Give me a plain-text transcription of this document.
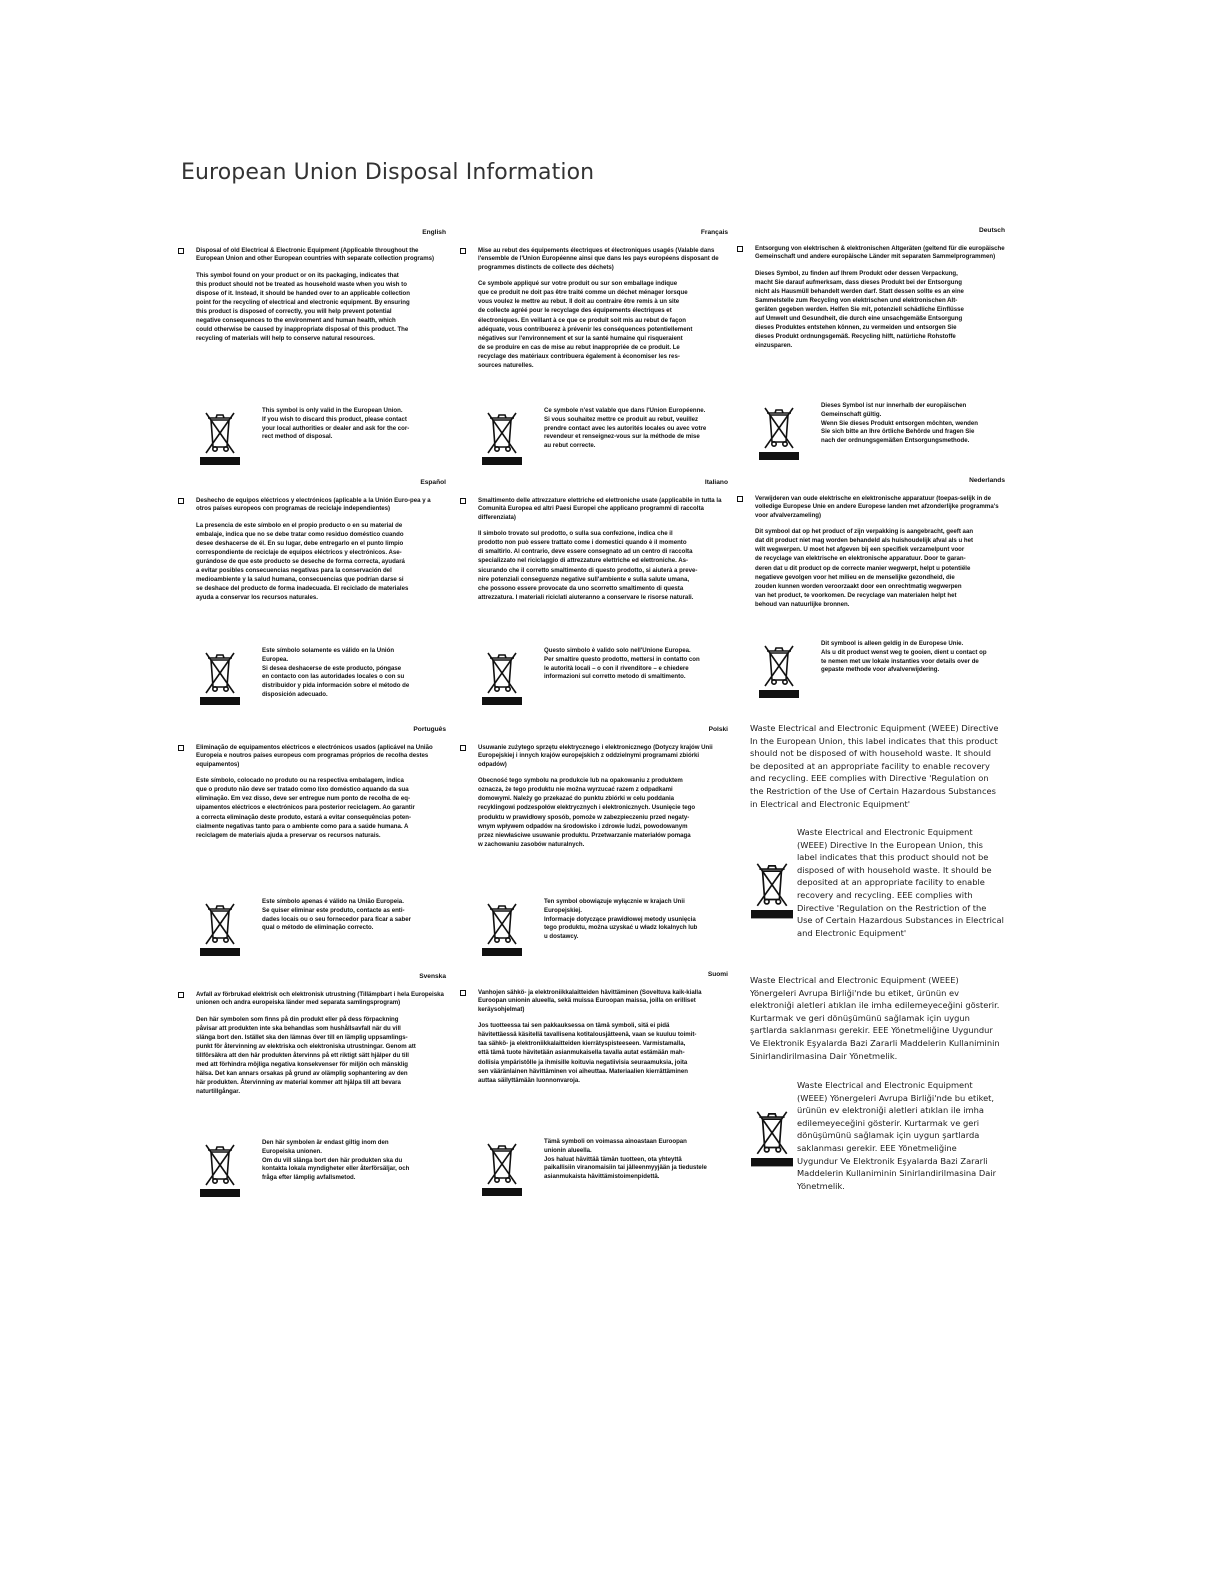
European Union Disposal Information
English
Disposal of old Electrical & Electronic Equipment (Applicable throughout the European Union and other European countries with separate collection programs)
This symbol found on your product or on its packaging, indicates that
this product should not be treated as household waste when you wish to
dispose of it. Instead, it should be handed over to an applicable collection
point for the recycling of electrical and electronic equipment. By ensuring
this product is disposed of correctly, you will help prevent potential
negative consequences to the environment and human health, which
could otherwise be caused by inappropriate disposal of this product. The
recycling of materials will help to conserve natural resources.
This symbol is only valid in the European Union.
If you wish to discard this product, please contact
your local authorities or dealer and ask for the cor-
rect method of disposal.
Français
Mise au rebut des équipements électriques et électroniques usagés (Valable dans l'ensemble de l'Union Européenne ainsi que dans les pays européens disposant de programmes distincts de collecte des déchets)
Ce symbole appliqué sur votre produit ou sur son emballage indique
que ce produit ne doit pas être traité comme un déchet ménager lorsque
vous voulez le mettre au rebut. Il doit au contraire être remis à un site
de collecte agréé pour le recyclage des équipements électriques et
électroniques. En veillant à ce que ce produit soit mis au rebut de façon
adéquate, vous contribuerez à prévenir les conséquences potentiellement
négatives sur l'environnement et sur la santé humaine qui risqueraient
de se produire en cas de mise au rebut inappropriée de ce produit. Le
recyclage des matériaux contribuera également à économiser les res-
sources naturelles.
Ce symbole n'est valable que dans l'Union Européenne.
Si vous souhaitez mettre ce produit au rebut, veuillez
prendre contact avec les autorités locales ou avec votre
revendeur et renseignez-vous sur la méthode de mise
au rebut correcte.
Deutsch
Entsorgung von elektrischen & elektronischen Altgeräten (geltend für die europäische Gemeinschaft und andere europäische Länder mit separaten Sammelprogrammen)
Dieses Symbol, zu finden auf Ihrem Produkt oder dessen Verpackung,
macht Sie darauf aufmerksam, dass dieses Produkt bei der Entsorgung
nicht als Hausmüll behandelt werden darf. Statt dessen sollte es an eine
Sammelstelle zum Recycling von elektrischen und elektronischen Alt-
geräten gegeben werden. Helfen Sie mit, potenziell schädliche Einflüsse
auf Umwelt und Gesundheit, die durch eine unsachgemäße Entsorgung
dieses Produktes entstehen können, zu vermeiden und entsorgen Sie
dieses Produkt ordnungsgemäß. Recycling hilft, natürliche Rohstoffe
einzusparen.
Dieses Symbol ist nur innerhalb der europäischen
Gemeinschaft gültig.
Wenn Sie dieses Produkt entsorgen möchten, wenden
Sie sich bitte an Ihre örtliche Behörde und fragen Sie
nach der ordnungsgemäßen Entsorgungsmethode.
Español
Deshecho de equipos eléctricos y electrónicos (aplicable a la Unión Euro-pea y a otros países europeos con programas de reciclaje independientes)
La presencia de este símbolo en el propio producto o en su material de
embalaje, indica que no se debe tratar como residuo doméstico cuando
desee deshacerse de él. En su lugar, debe entregarlo en el punto limpio
correspondiente de reciclaje de equipos eléctricos y electrónicos. Ase-
gurándose de que este producto se deseche de forma correcta, ayudará
a evitar posibles consecuencias negativas para la conservación del
medioambiente y la salud humana, consecuencias que podrían darse si
se deshace del producto de forma inadecuada. El reciclado de materiales
ayuda a conservar los recursos naturales.
Este símbolo solamente es válido en la Unión
Europea.
Si desea deshacerse de este producto, póngase
en contacto con las autoridades locales o con su
distribuidor y pida información sobre el método de
disposición adecuado.
Italiano
Smaltimento delle attrezzature elettriche ed elettroniche usate (applicabile in tutta la Comunità Europea ed altri Paesi Europei che applicano programmi di raccolta differenziata)
Il simbolo trovato sul prodotto, o sulla sua confezione, indica che il
prodotto non può essere trattato come i domestici quando è il momento
di smaltirlo. Al contrario, deve essere consegnato ad un centro di raccolta
specializzato nel riciclaggio di attrezzature elettriche ed elettroniche. As-
sicurando che il corretto smaltimento di questo prodotto, si aiuterà a preve-
nire potenziali conseguenze negative sull'ambiente e sulla salute umana,
che possono essere provocate da uno scorretto smaltimento di questa
attrezzatura. I materiali riciclati aiuteranno a conservare le risorse naturali.
Questo simbolo è valido solo nell'Unione Europea.
Per smaltire questo prodotto, mettersi in contatto con
le autorità locali – o con il rivenditore – e chiedere
informazioni sul corretto metodo di smaltimento.
Nederlands
Verwijderen van oude elektrische en elektronische apparatuur (toepas-selijk in de volledige Europese Unie en andere Europese landen met afzonderlijke programma's voor afvalverzameling)
Dit symbool dat op het product of zijn verpakking is aangebracht, geeft aan
dat dit product niet mag worden behandeld als huishoudelijk afval als u het
wilt wegwerpen. U moet het afgeven bij een specifiek verzamelpunt voor
de recyclage van elektrische en elektronische apparatuur. Door te garan-
deren dat u dit product op de correcte manier wegwerpt, helpt u potentiële
negatieve gevolgen voor het milieu en de menselijke gezondheid, die
zouden kunnen worden veroorzaakt door een onrechtmatig wegwerpen
van het product, te voorkomen. De recyclage van materialen helpt het
behoud van natuurlijke bronnen.
Dit symbool is alleen geldig in de Europese Unie.
Als u dit product wenst weg te gooien, dient u contact op
te nemen met uw lokale instanties voor details over de
gepaste methode voor afvalverwijdering.
Português
Eliminação de equipamentos eléctricos e electrónicos usados (aplicável na União Europeia e noutros países europeus com programas próprios de recolha destes equipamentos)
Este símbolo, colocado no produto ou na respectiva embalagem, indica
que o produto não deve ser tratado como lixo doméstico aquando da sua
eliminação. Em vez disso, deve ser entregue num ponto de recolha de eq-
uipamentos eléctricos e electrónicos para posterior reciclagem. Ao garantir
a correcta eliminação deste produto, estará a evitar consequências poten-
cialmente negativas tanto para o ambiente como para a saúde humana. A
reciclagem de materiais ajuda a preservar os recursos naturais.
Este símbolo apenas é válido na União Europeia.
Se quiser eliminar este produto, contacte as enti-
dades locais ou o seu fornecedor para ficar a saber
qual o método de eliminação correcto.
Polski
Usuwanie zużytego sprzętu elektrycznego i elektronicznego (Dotyczy krajów Unii Europejskiej i innych krajów europejskich z oddzielnymi programami zbiórki odpadów)
Obecność tego symbolu na produkcie lub na opakowaniu z produktem
oznacza, że tego produktu nie można wyrzucać razem z odpadkami
domowymi. Należy go przekazać do punktu zbiórki w celu poddania
recyklingowi podzespołów elektrycznych i elektronicznych. Usunięcie tego
produktu w prawidłowy sposób, pomoże w zabezpieczeniu przed negaty-
wnym wpływem odpadów na środowisko i zdrowie ludzi, powodowanym
przez niewłaściwe usuwanie produktu. Przetwarzanie materiałów pomaga
w zachowaniu zasobów naturalnych.
Ten symbol obowiązuje wyłącznie w krajach Unii
Europejskiej.
Informacje dotyczące prawidłowej metody usunięcia
tego produktu, można uzyskać u władz lokalnych lub
u dostawcy.
Svenska
Avfall av förbrukad elektrisk och elektronisk utrustning (Tillämpbart i hela Europeiska unionen och andra europeiska länder med separata samlingsprogram)
Den här symbolen som finns på din produkt eller på dess förpackning
påvisar att produkten inte ska behandlas som hushållsavfall när du vill
slänga bort den. Istället ska den lämnas över till en lämplig uppsamlings-
punkt för återvinning av elektriska och elektroniska utrustningar. Genom att
tillförsäkra att den här produkten återvinns på ett riktigt sätt hjälper du till
med att förhindra möjliga negativa konsekvenser för miljön och mänsklig
hälsa. Det kan annars orsakas på grund av olämplig sophantering av den
här produkten. Återvinning av material kommer att hjälpa till att bevara
naturtillgångar.
Den här symbolen är endast giltig inom den
Europeiska unionen.
Om du vill slänga bort den här produkten ska du
kontakta lokala myndigheter eller återförsäljar, och
fråga efter lämplig avfallsmetod.
Suomi
Vanhojen sähkö- ja elektroniikkalaitteiden hävittäminen (Soveltuva kaik-kialla Euroopan unionin alueella, sekä muissa Euroopan maissa, joilla on erilliset keräysohjelmat)
Jos tuotteessa tai sen pakkauksessa on tämä symboli, sitä ei pidä
hävitettäessä käsitellä tavallisena kotitalousjätteenä, vaan se kuuluu toimit-
taa sähkö- ja elektroniikkalaitteiden kierrätyspisteeseen. Varmistamalla,
että tämä tuote hävitetään asianmukaisella tavalla autat estämään mah-
dollisia ympäristölle ja ihmisille koituvia negatiivisia seuraamuksia, joita
sen vääränlainen hävittäminen voi aiheuttaa. Materiaalien kierrättäminen
auttaa säilyttämään luonnonvaroja.
Tämä symboli on voimassa ainoastaan Euroopan
unionin alueella.
Jos haluat hävittää tämän tuotteen, ota yhteyttä
paikallisiin viranomaisiin tai jälleenmyyjään ja tiedustele
asianmukaista hävittämistoimenpidettä.
Waste Electrical and Electronic Equipment (WEEE) Directive
In the European Union, this label indicates that this product
should not be disposed of with household waste. It should
be deposited at an appropriate facility to enable recovery
and recycling. EEE complies with Directive 'Regulation on
the Restriction of the Use of Certain Hazardous Substances
in Electrical and Electronic Equipment'
Waste Electrical and Electronic Equipment
(WEEE) Directive In the European Union, this
label indicates that this product should not be
disposed of with household waste. It should be
deposited at an appropriate facility to enable
recovery and recycling. EEE complies with
Directive 'Regulation on the Restriction of the
Use of Certain Hazardous Substances in Electrical
and Electronic Equipment'
Waste Electrical and Electronic Equipment (WEEE)
Yönergeleri Avrupa Birliği'nde bu etiket, ürünün ev
elektroniği aletleri atıklan ile imha edilemeyeceğini gösterir.
Kurtarmak ve geri dönüşümünü sağlamak için uygun
şartlarda saklanması gerekir. EEE Yönetmeliğine Uygundur
Ve Elektronik Eşyalarda Bazi Zararli Maddelerin Kullaniminin
Sinirlandirilmasina Dair Yönetmelik.
Waste Electrical and Electronic Equipment
(WEEE) Yönergeleri Avrupa Birliği'nde bu etiket,
ürünün ev elektroniği aletleri atıklan ile imha
edilemeyeceğini gösterir. Kurtarmak ve geri
dönüşümünü sağlamak için uygun şartlarda
saklanması gerekir. EEE Yönetmeliğine
Uygundur Ve Elektronik Eşyalarda Bazi Zararli
Maddelerin Kullaniminin Sinirlandirilmasina Dair
Yönetmelik.
